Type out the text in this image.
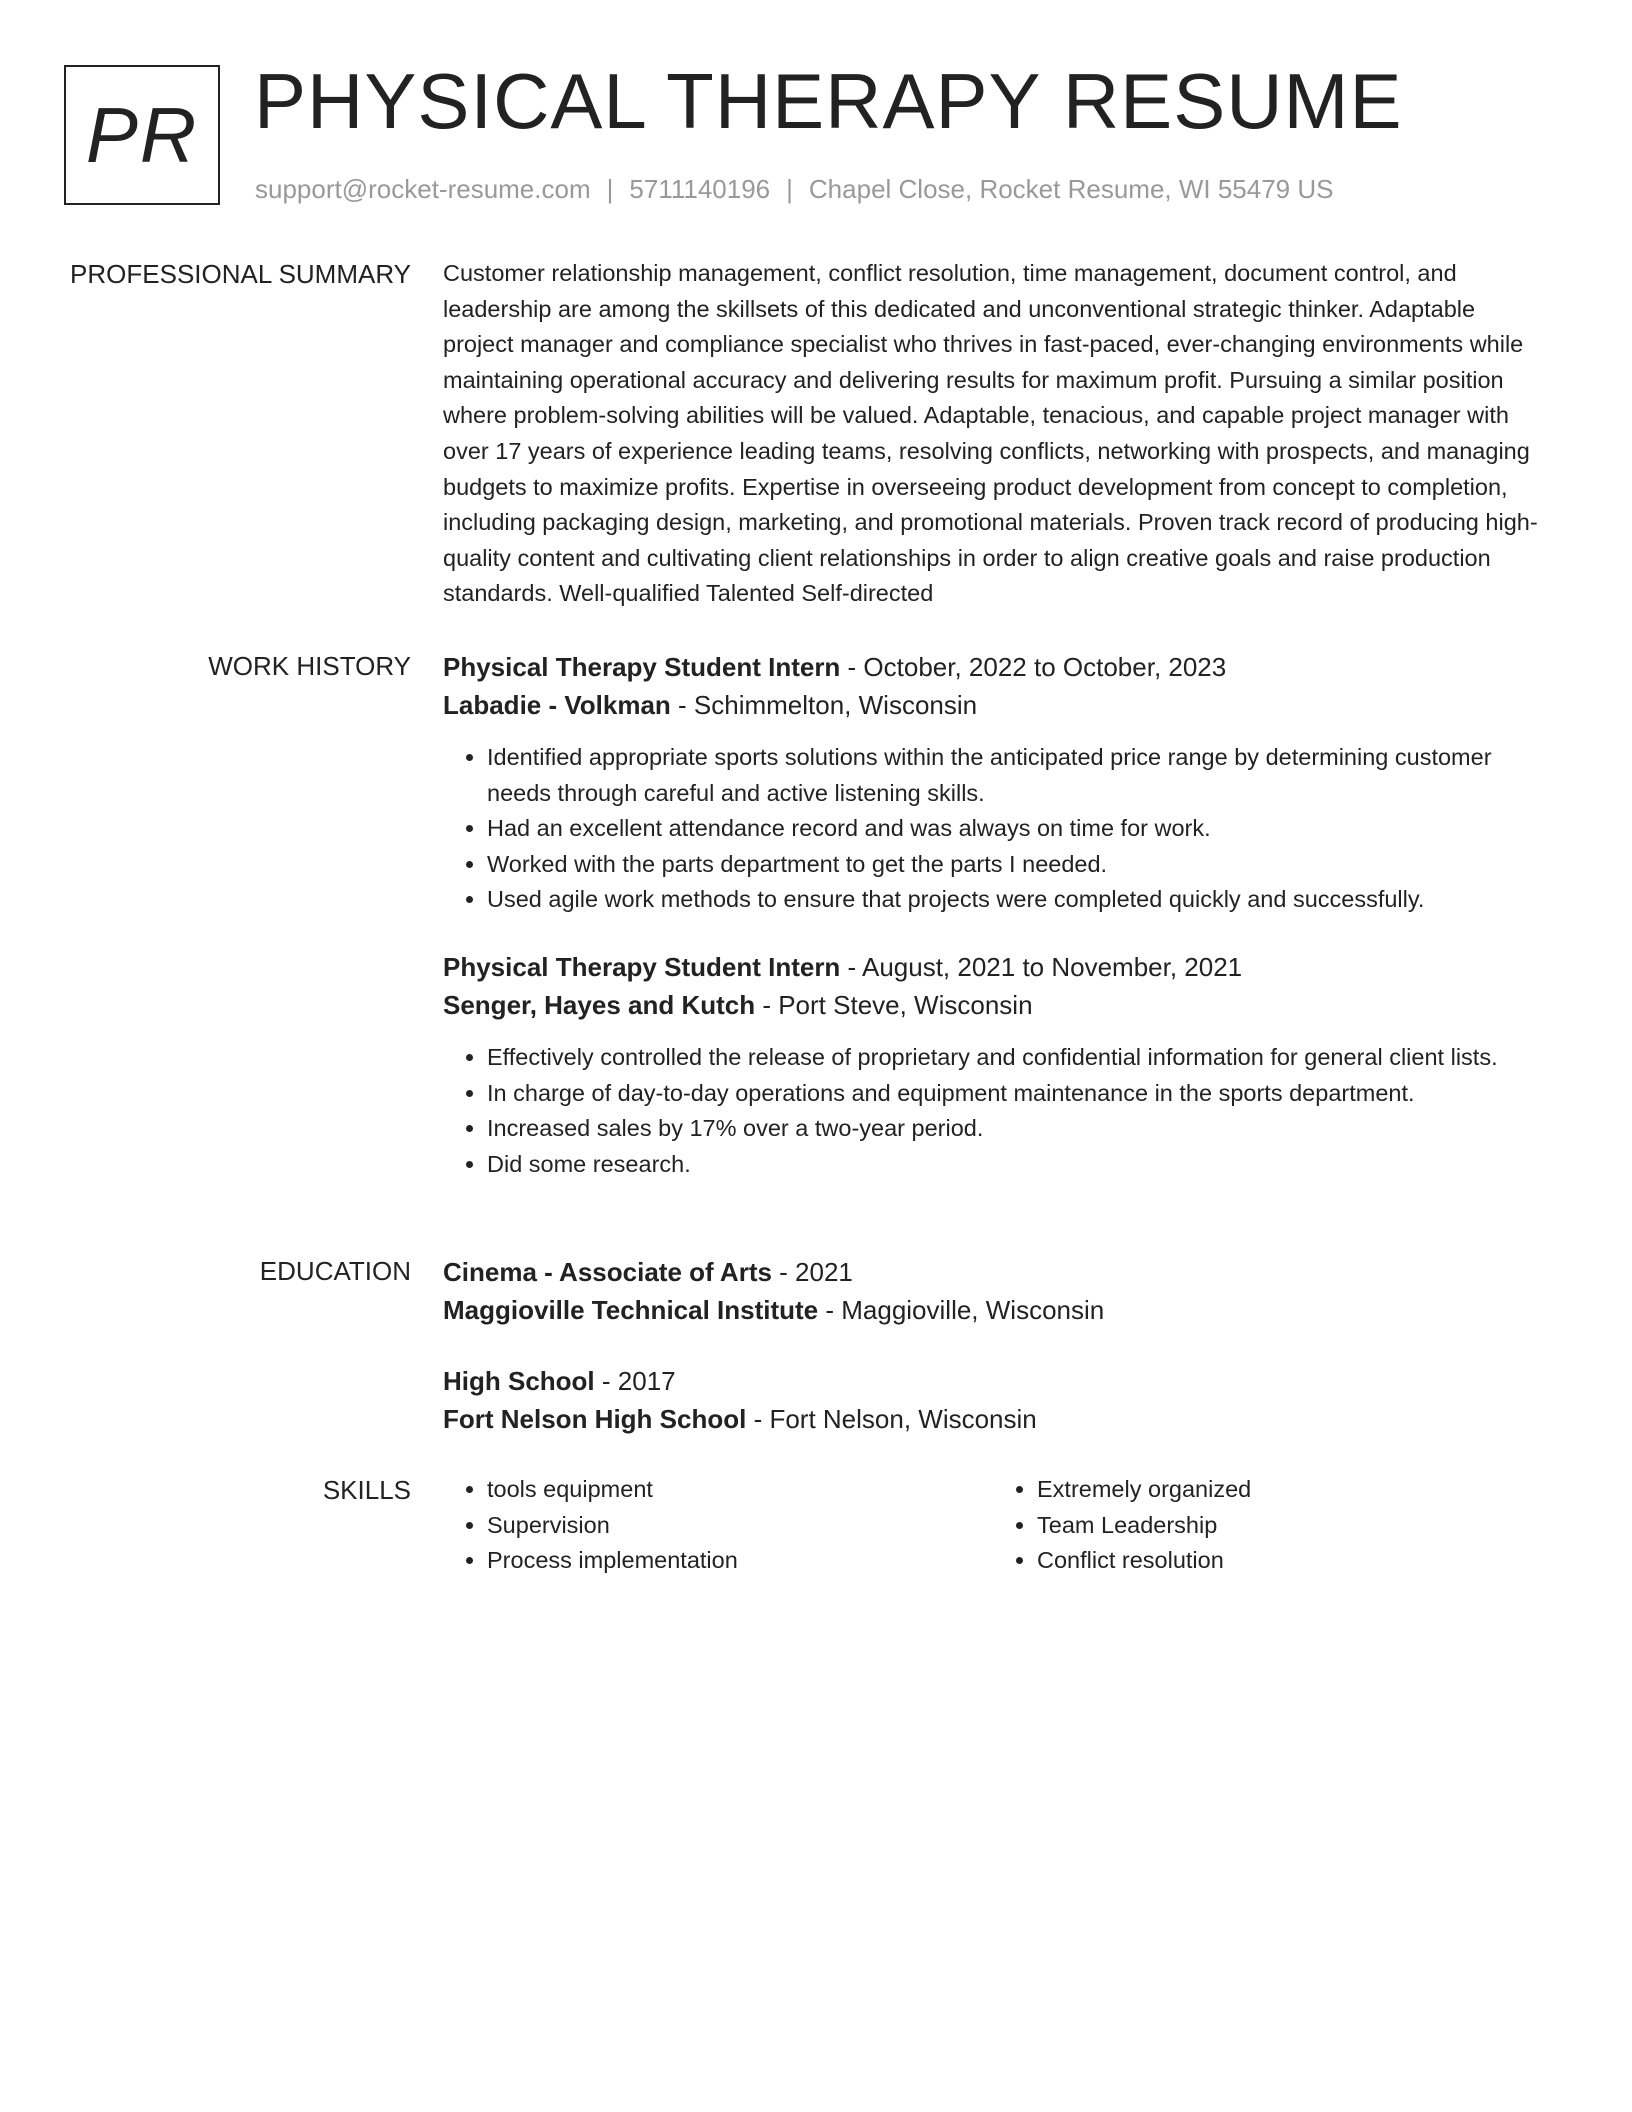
PR PHYSICAL THERAPY RESUME
support@rocket-resume.com | 5711140196 | Chapel Close, Rocket Resume, WI 55479 US
PROFESSIONAL SUMMARY Customer relationship management, conflict resolution, time management, document control, and leadership are among the skillsets of this dedicated and unconventional strategic thinker. Adaptable project manager and compliance specialist who thrives in fast-paced, ever-changing environments while maintaining operational accuracy and delivering results for maximum profit. Pursuing a similar position where problem-solving abilities will be valued. Adaptable, tenacious, and capable project manager with over 17 years of experience leading teams, resolving conflicts, networking with prospects, and managing budgets to maximize profits. Expertise in overseeing product development from concept to completion, including packaging design, marketing, and promotional materials. Proven track record of producing high-quality content and cultivating client relationships in order to align creative goals and raise production standards. Well-qualified Talented Self-directed

WORK HISTORY Physical Therapy Student Intern - October, 2022 to October, 2023
Labadie - Volkman - Schimmelton, Wisconsin
• Identified appropriate sports solutions within the anticipated price range by determining customer needs through careful and active listening skills.
• Had an excellent attendance record and was always on time for work.
• Worked with the parts department to get the parts I needed.
• Used agile work methods to ensure that projects were completed quickly and successfully.
Physical Therapy Student Intern - August, 2021 to November, 2021
Senger, Hayes and Kutch - Port Steve, Wisconsin
• Effectively controlled the release of proprietary and confidential information for general client lists.
• In charge of day-to-day operations and equipment maintenance in the sports department.
• Increased sales by 17% over a two-year period.
• Did some research.
EDUCATION Cinema - Associate of Arts - 2021
Maggioville Technical Institute - Maggioville, Wisconsin
High School - 2017
Fort Nelson High School - Fort Nelson, Wisconsin
SKILLS
•	tools equipment
• Supervision
• Process implementation
• Extremely organized
• Team Leadership
• Conflict resolution
